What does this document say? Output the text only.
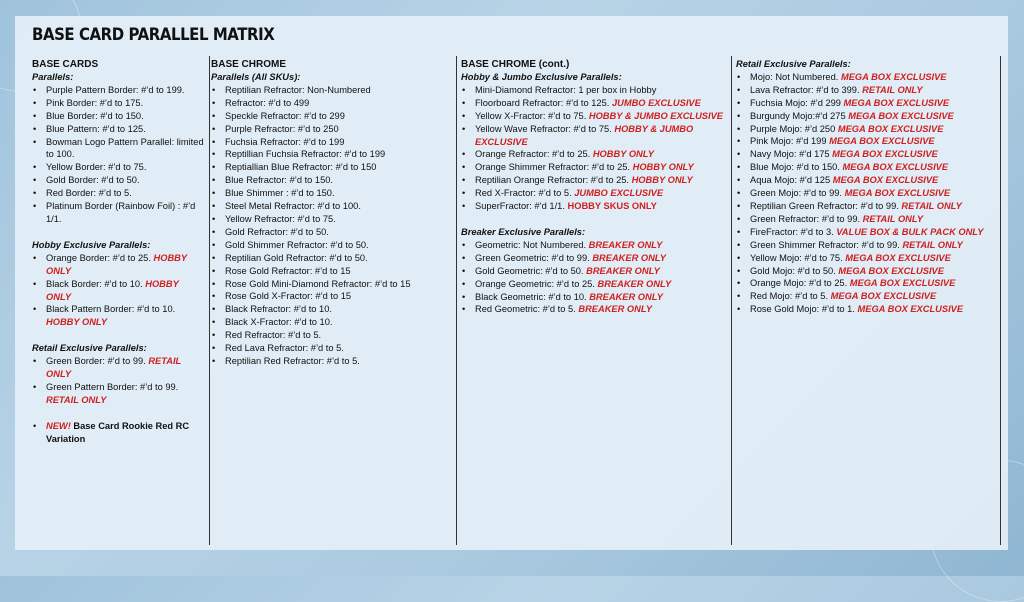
BASE CARD PARALLEL MATRIX
BASE CARDS
Parallels:
• Purple Pattern Border: #’d to 199.
• Pink Border: #’d to 175.
• Blue Border: #’d to 150.
• Blue Pattern: #’d to 125.
• Bowman Logo Pattern Parallel: limited to 100.
• Yellow Border: #’d to 75.
• Gold Border: #’d to 50.
• Red Border: #’d to 5.
• Platinum Border (Rainbow Foil) : #’d 1/1.
Hobby Exclusive Parallels:
• Orange Border: #’d to 25. HOBBY ONLY
• Black Border: #’d to 10. HOBBY ONLY
• Black Pattern Border: #’d to 10. HOBBY ONLY
Retail Exclusive Parallels:
• Green Border: #’d to 99. RETAIL ONLY
• Green Pattern Border: #’d to 99. RETAIL ONLY
• NEW! Base Card Rookie Red RC Variation
BASE CHROME
Parallels (All SKUs):
• Reptilian Refractor: Non-Numbered
• Refractor: #’d to 499
• Speckle Refractor: #’d to 299
• Purple Refractor: #’d to 250
• Fuchsia Refractor: #’d to 199
• Reptillian Fuchsia Refractor: #’d to 199
• Reptiallian Blue Refractor: #’d to 150
• Blue Refractor: #’d to 150.
• Blue Shimmer : #’d to 150.
• Steel Metal Refractor: #’d to 100.
• Yellow Refractor: #’d to 75.
• Gold Refractor: #’d to 50.
• Gold Shimmer Refractor: #’d to 50.
• Reptilian Gold Refractor: #’d to 50.
• Rose Gold Refractor: #’d to 15
• Rose Gold Mini-Diamond Refractor: #’d to 15
• Rose Gold X-Fractor: #’d to 15
• Black Refractor: #’d to 10.
• Black X-Fractor: #’d to 10.
• Red Refractor: #’d to 5.
• Red Lava Refractor: #’d to 5.
• Reptilian Red Refractor: #’d to 5.
BASE CHROME (cont.)
Hobby & Jumbo Exclusive Parallels:
• Mini-Diamond Refractor: 1 per box in Hobby
• Floorboard Refractor: #’d to 125. JUMBO EXCLUSIVE
• Yellow X-Fractor: #’d to 75. HOBBY & JUMBO EXCLUSIVE
• Yellow Wave Refractor: #’d to 75. HOBBY & JUMBO EXCLUSIVE
• Orange Refractor: #’d to 25. HOBBY ONLY
• Orange Shimmer Refractor: #’d to 25. HOBBY ONLY
• Reptilian Orange Refractor: #’d to 25. HOBBY ONLY
• Red X-Fractor: #’d to 5. JUMBO EXCLUSIVE
• SuperFractor: #’d 1/1. HOBBY SKUS ONLY
Breaker Exclusive Parallels:
• Geometric: Not Numbered. BREAKER ONLY
• Green Geometric: #’d to 99. BREAKER ONLY
• Gold Geometric: #’d to 50. BREAKER ONLY
• Orange Geometric: #’d to 25. BREAKER ONLY
• Black Geometric: #’d to 10. BREAKER ONLY
• Red Geometric: #’d to 5. BREAKER ONLY
Retail Exclusive Parallels:
• Mojo: Not Numbered. MEGA BOX EXCLUSIVE
• Lava Refractor: #’d to 399. RETAIL ONLY
• Fuchsia Mojo: #’d 299 MEGA BOX EXCLUSIVE
• Burgundy Mojo:#’d 275 MEGA BOX EXCLUSIVE
• Purple Mojo: #’d 250 MEGA BOX EXCLUSIVE
• Pink Mojo: #’d 199 MEGA BOX EXCLUSIVE
• Navy Mojo: #’d 175 MEGA BOX EXCLUSIVE
• Blue Mojo: #’d to 150. MEGA BOX EXCLUSIVE
• Aqua Mojo: #’d 125 MEGA BOX EXCLUSIVE
• Green Mojo: #’d to 99. MEGA BOX EXCLUSIVE
• Reptilian Green Refractor: #’d to 99. RETAIL ONLY
• Green Refractor: #’d to 99. RETAIL ONLY
• FireFractor: #’d to 3. VALUE BOX & BULK PACK ONLY
• Green Shimmer Refractor: #’d to 99. RETAIL ONLY
• Yellow Mojo: #’d to 75. MEGA BOX EXCLUSIVE
• Gold Mojo: #’d to 50. MEGA BOX EXCLUSIVE
• Orange Mojo: #’d to 25. MEGA BOX EXCLUSIVE
• Red Mojo: #’d to 5. MEGA BOX EXCLUSIVE
• Rose Gold Mojo: #’d to 1. MEGA BOX EXCLUSIVE
